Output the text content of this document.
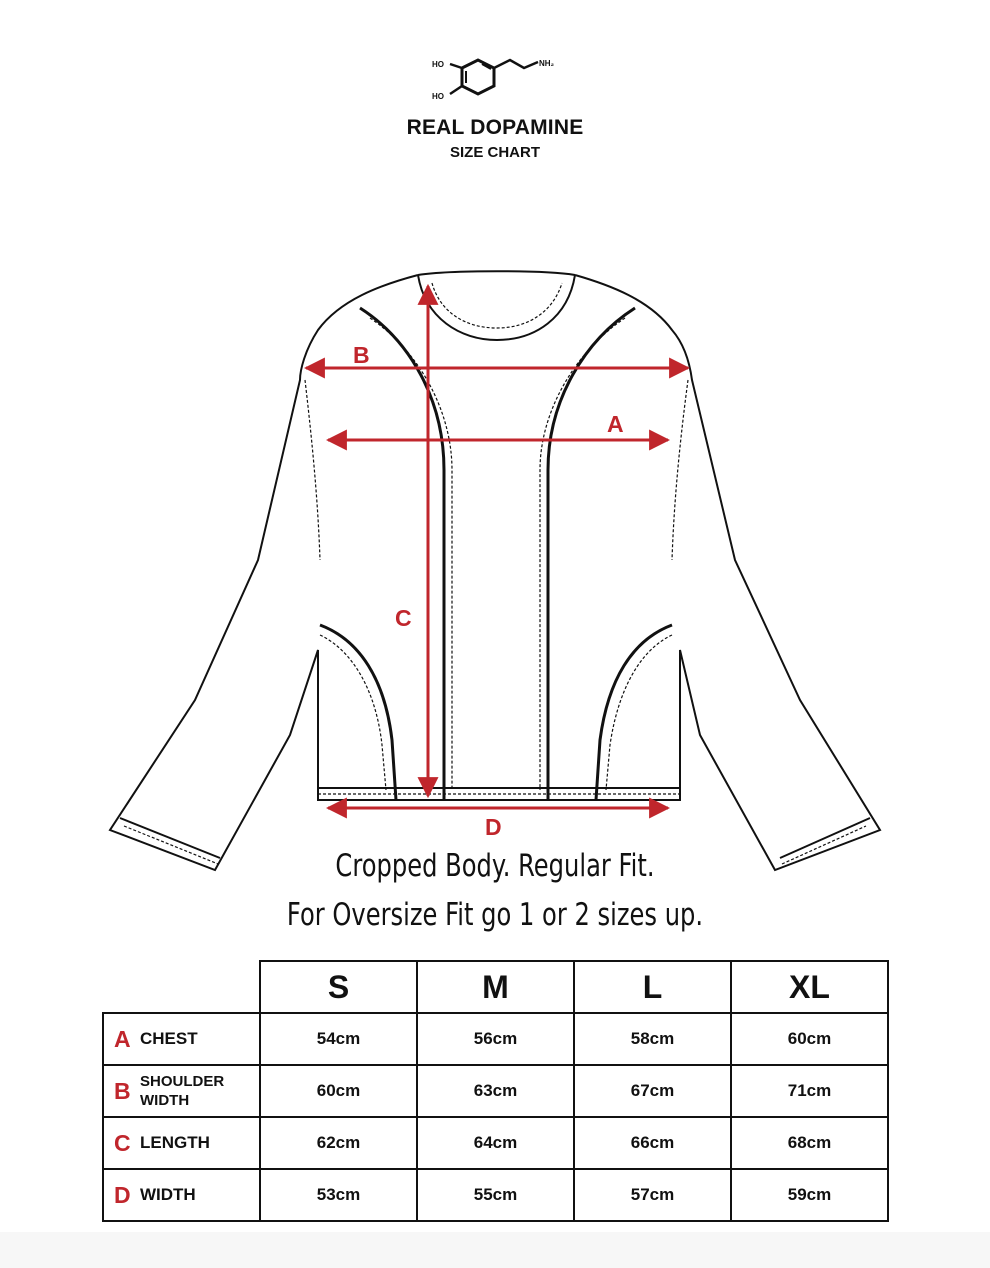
HO
HO
NH₂
REAL DOPAMINE
SIZE CHART
B
A
C
D
Cropped Body. Regular Fit.
For Oversize Fit go 1 or 2 sizes up.
	S	M	L	XL
A CHEST	54cm	56cm	58cm	60cm
B SHOULDER WIDTH	60cm	63cm	67cm	71cm
C LENGTH	62cm	64cm	66cm	68cm
D WIDTH	53cm	55cm	57cm	59cm
